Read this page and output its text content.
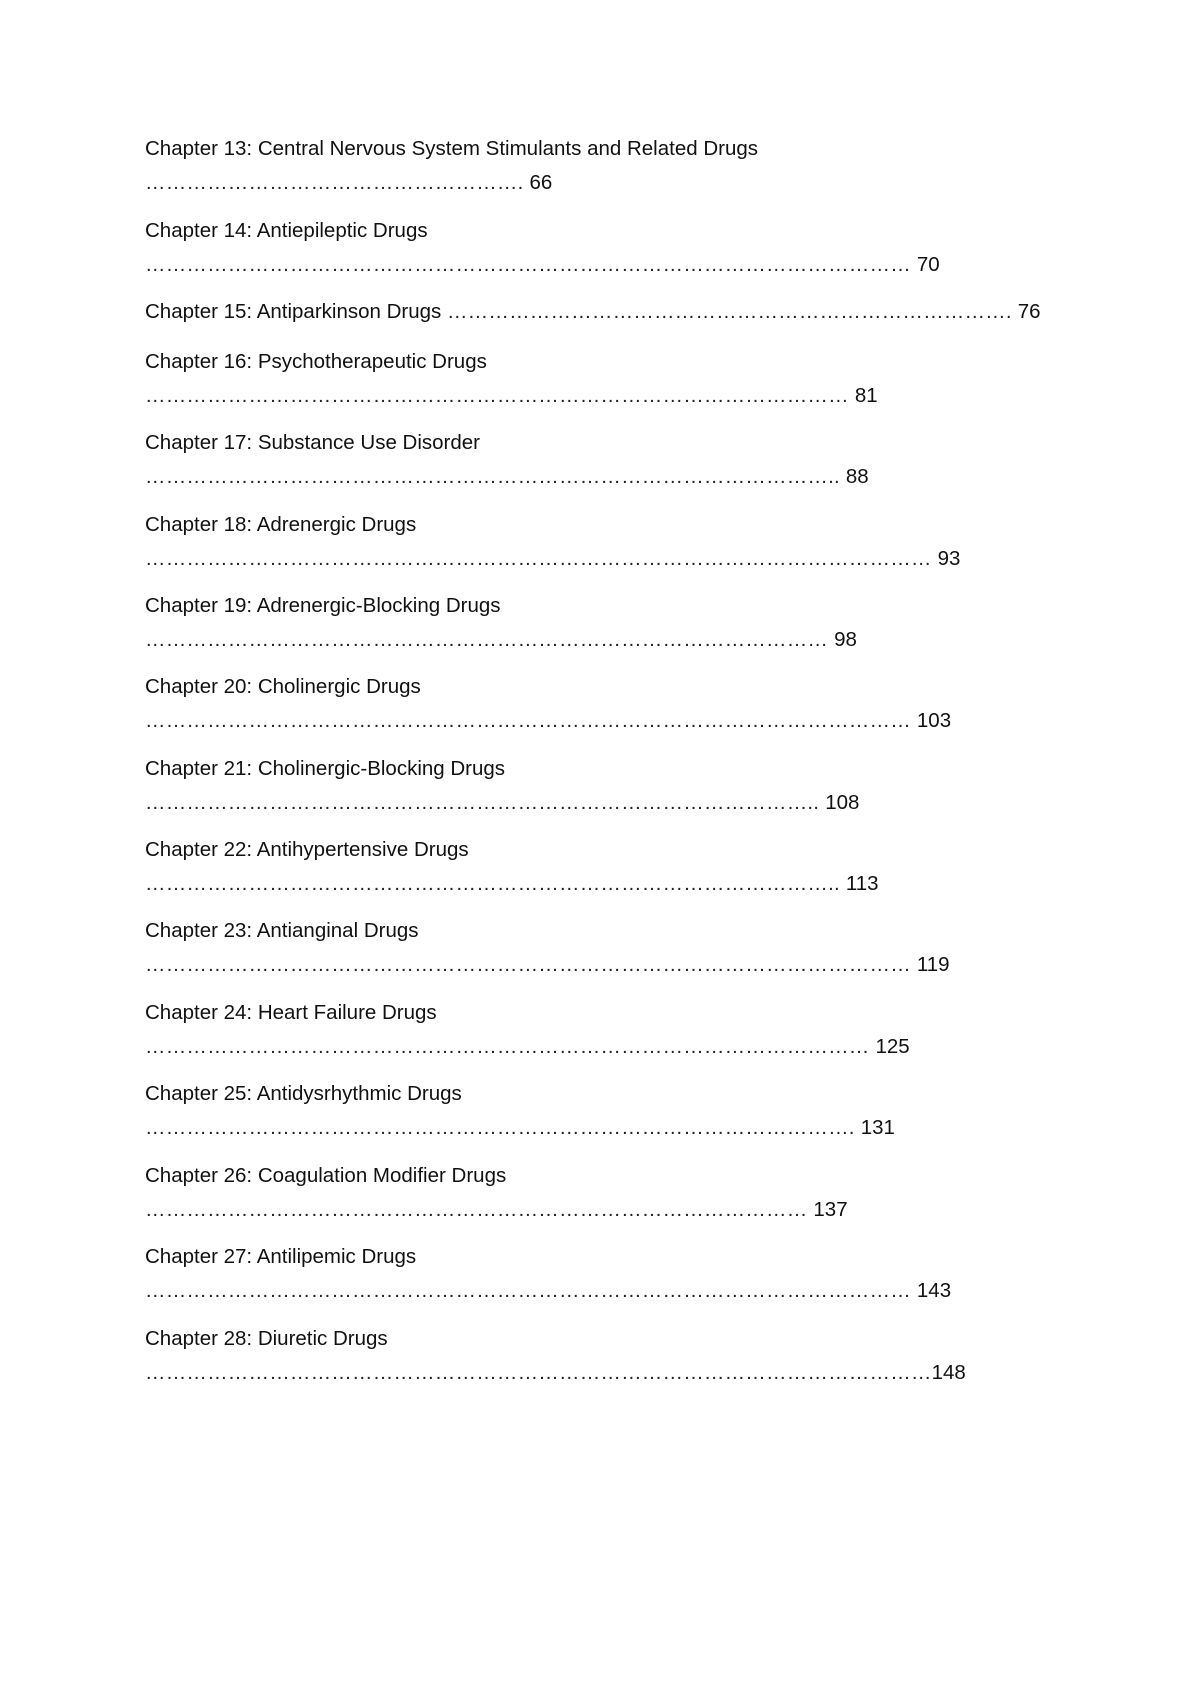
Chapter 13: Central Nervous System Stimulants and Related Drugs
………………………………………………. 66
Chapter 14: Antiepileptic Drugs
………………………………………………………………………………………………… 70
Chapter 15: Antiparkinson Drugs ………………………………………………………………………. 76
Chapter 16: Psychotherapeutic Drugs
………………………………………………………………………………………… 81
Chapter 17: Substance Use Disorder
……………………………………………………………………………………….. 88
Chapter 18: Adrenergic Drugs
…………………………………………………………………………………………………… 93
Chapter 19: Adrenergic-Blocking Drugs
……………………………………………………………………………………… 98
Chapter 20: Cholinergic Drugs
………………………………………………………………………………………………… 103
Chapter 21: Cholinergic-Blocking Drugs
…………………………………………………………………………………….. 108
Chapter 22: Antihypertensive Drugs
……………………………………………………………………………………….. 113
Chapter 23: Antianginal Drugs
………………………………………………………………………………………………… 119
Chapter 24: Heart Failure Drugs
…………………………………………………………………………………………… 125
Chapter 25: Antidysrhythmic Drugs
…………………………………………………………………………………………. 131
Chapter 26: Coagulation Modifier Drugs
…………………………………………………………………………………… 137
Chapter 27: Antilipemic Drugs
………………………………………………………………………………………………… 143
Chapter 28: Diuretic Drugs
……………………………………………………………………………………………………148
